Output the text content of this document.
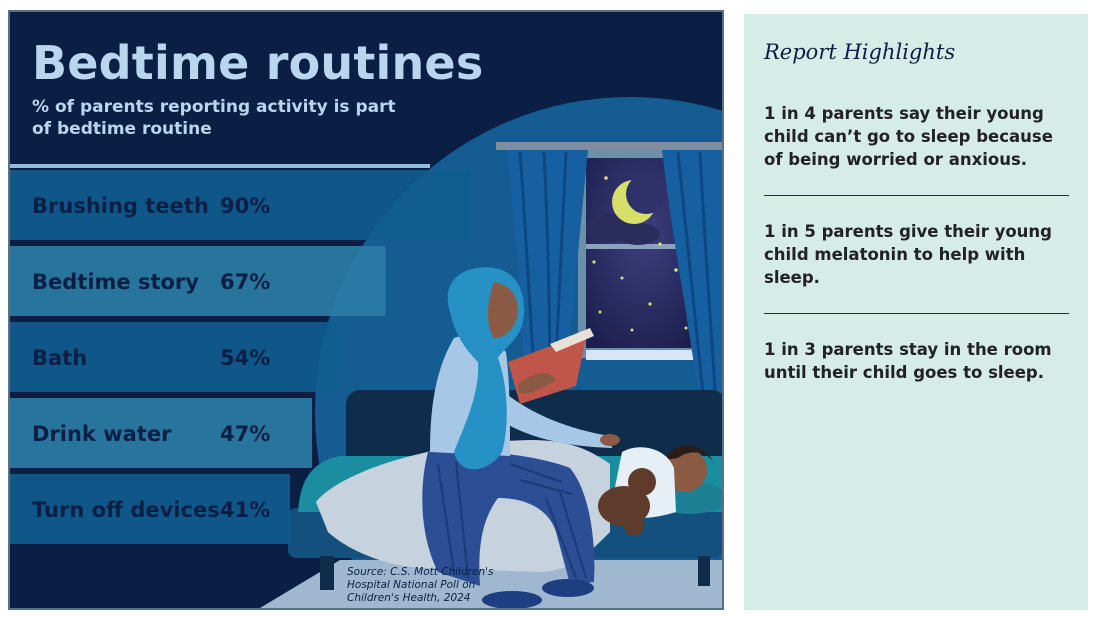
Bedtime routines

% of parents reporting activity is part of bedtime routine

Brushing teeth 90%
Bedtime story 67%
Bath	54%
Drink water 47%
Turn off devices 41%

Source: C.S. Mott Children's Hospital National Poll on Children's Health, 2024

Report Highlights
1 in 4 parents say their young child can’t go to sleep because of being worried or anxious.
1 in 5 parents give their young child melatonin to help with sleep.
1 in 3 parents stay in the room until their child goes to sleep.
